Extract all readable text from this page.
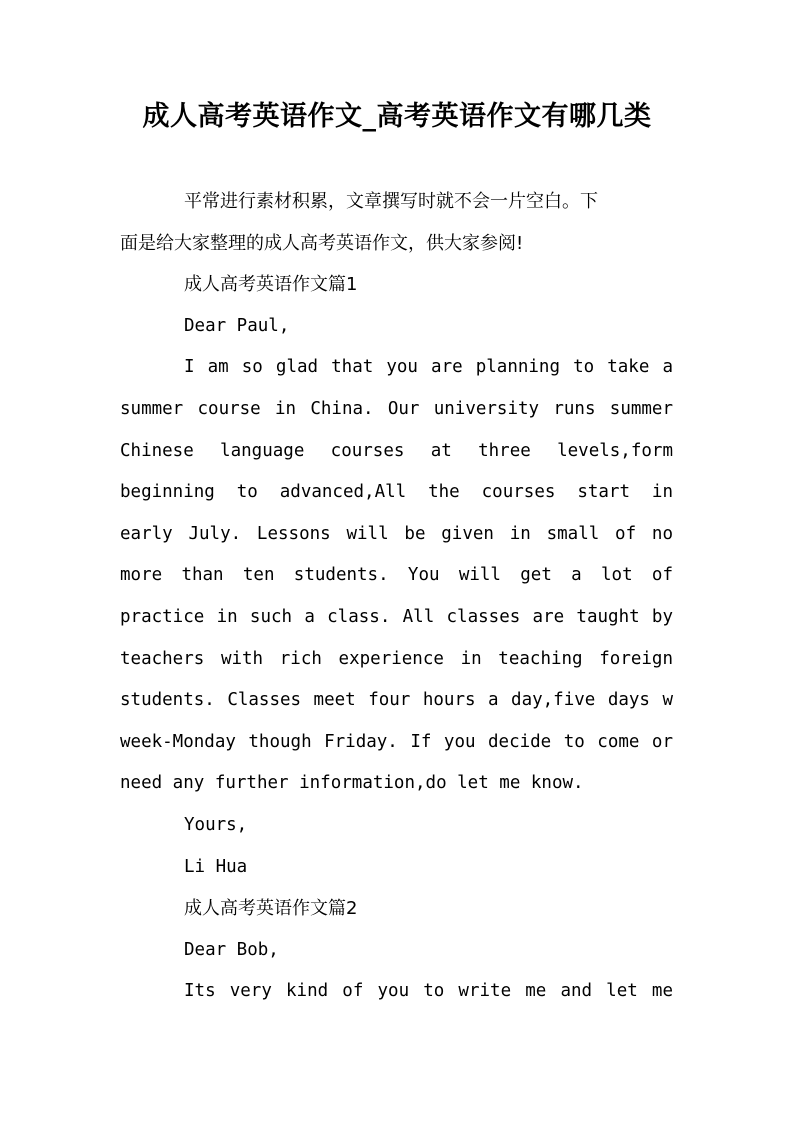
成人高考英语作文_高考英语作文有哪几类
平常进行素材积累，文章撰写时就不会一片空白。下
面是给大家整理的成人高考英语作文，供大家参阅!
成人高考英语作文篇1
Dear Paul,
I am so glad that you are planning to take a
summer course in China. Our university runs summer
Chinese language courses at three levels,form
beginning to advanced,All the courses start in
early July. Lessons will be given in small of no
more than ten students. You will get a lot of
practice in such a class. All classes are taught by
teachers with rich experience in teaching foreign
students. Classes meet four hours a day,five days w
week-Monday though Friday. If you decide to come or
need any further information,do let me know.
Yours,
Li Hua
成人高考英语作文篇2
Dear Bob,
Its very kind of you to write me and let me
